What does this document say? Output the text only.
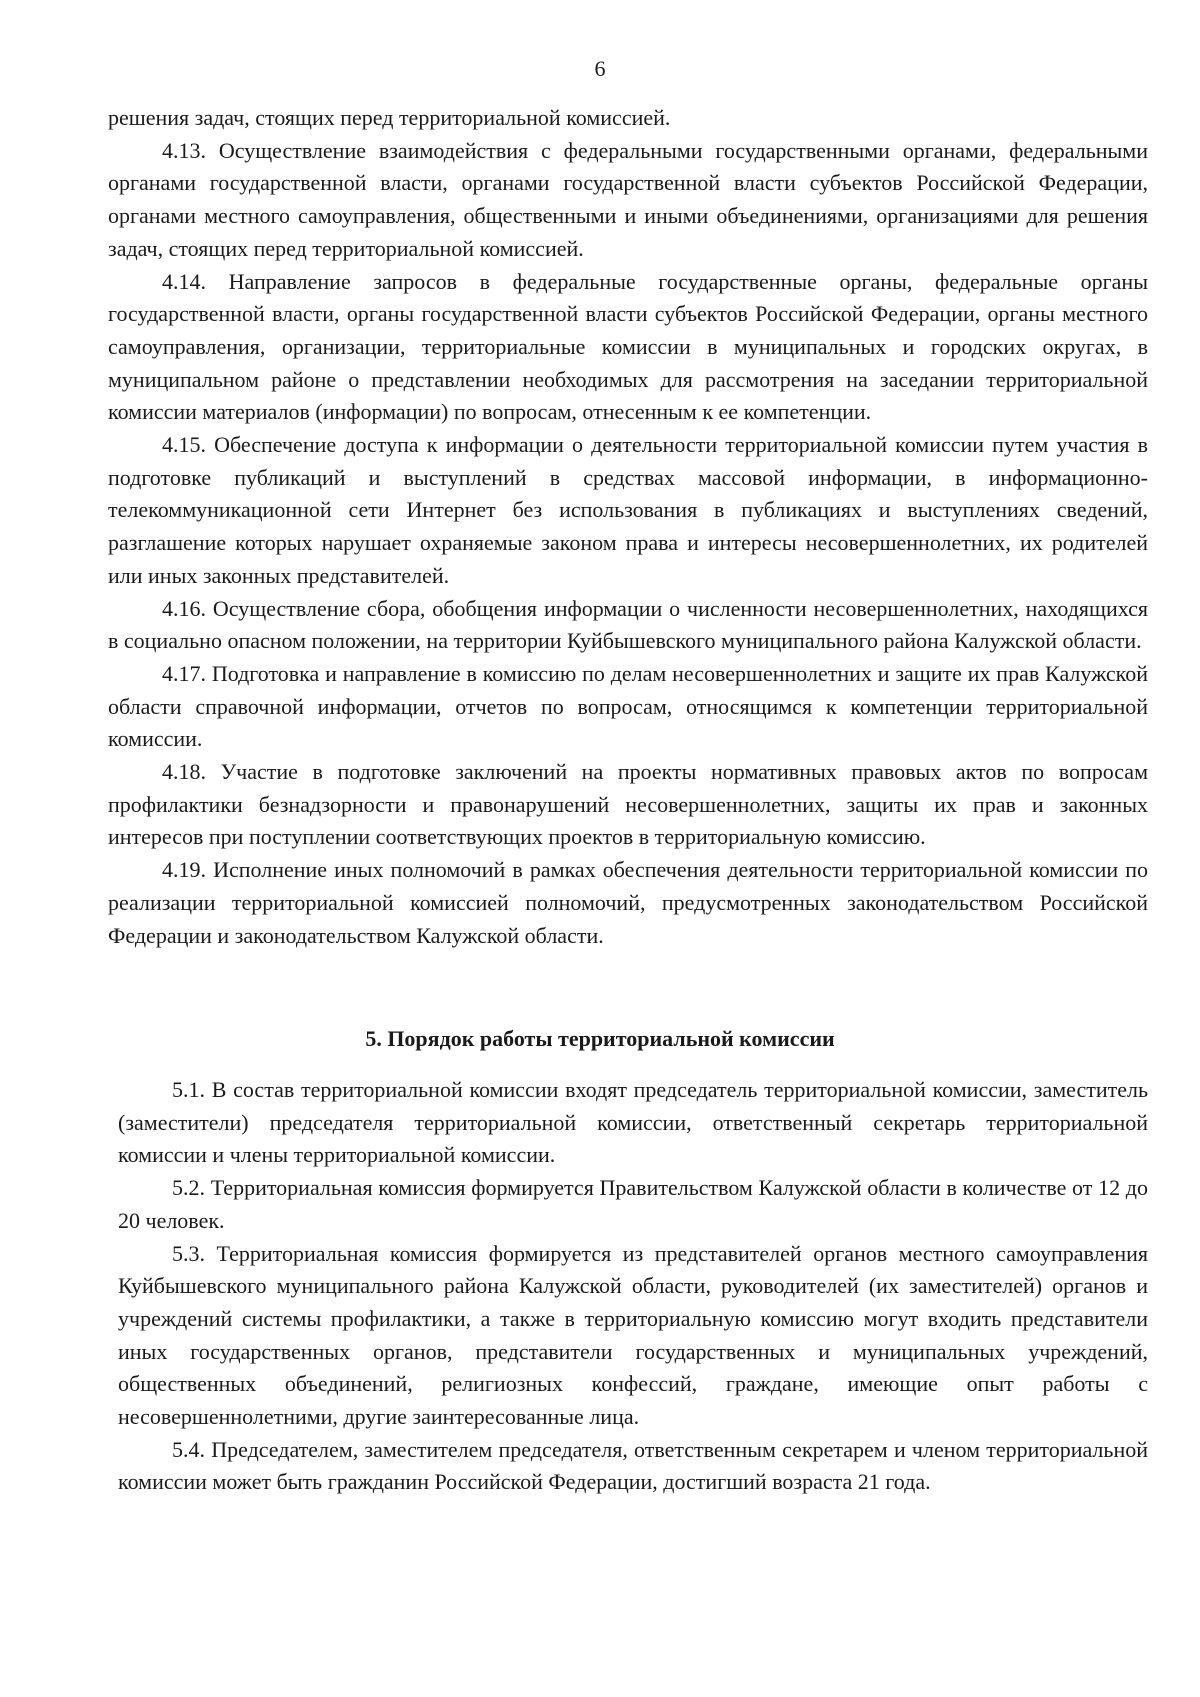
6

решения задач, стоящих перед территориальной комиссией.

4.13. Осуществление взаимодействия с федеральными государственными органами, федеральными органами государственной власти, органами государственной власти субъектов Российской Федерации, органами местного самоуправления, общественными и иными объединениями, организациями для решения задач, стоящих перед территориальной комиссией.

4.14. Направление запросов в федеральные государственные органы, федеральные органы государственной власти, органы государственной власти субъектов Российской Федерации, органы местного самоуправления, организации, территориальные комиссии в муниципальных и городских округах, в муниципальном районе о представлении необходимых для рассмотрения на заседании территориальной комиссии материалов (информации) по вопросам, отнесенным к ее компетенции.

4.15. Обеспечение доступа к информации о деятельности территориальной комиссии путем участия в подготовке публикаций и выступлений в средствах массовой информации, в информационно-телекоммуникационной сети Интернет без использования в публикациях и выступлениях сведений, разглашение которых нарушает охраняемые законом права и интересы несовершеннолетних, их родителей или иных законных представителей.

4.16. Осуществление сбора, обобщения информации о численности несовершеннолетних, находящихся в социально опасном положении, на территории Куйбышевского муниципального района Калужской области.

4.17. Подготовка и направление в комиссию по делам несовершеннолетних и защите их прав Калужской области справочной информации, отчетов по вопросам, относящимся к компетенции территориальной комиссии.

4.18. Участие в подготовке заключений на проекты нормативных правовых актов по вопросам профилактики безнадзорности и правонарушений несовершеннолетних, защиты их прав и законных интересов при поступлении соответствующих проектов в территориальную комиссию.

4.19. Исполнение иных полномочий в рамках обеспечения деятельности территориальной комиссии по реализации территориальной комиссией полномочий, предусмотренных законодательством Российской Федерации и законодательством Калужской области.

5. Порядок работы территориальной комиссии

5.1. В состав территориальной комиссии входят председатель территориальной комиссии, заместитель (заместители) председателя территориальной комиссии, ответственный секретарь территориальной комиссии и члены территориальной комиссии.

5.2. Территориальная комиссия формируется Правительством Калужской области в количестве от 12 до 20 человек.

5.3. Территориальная комиссия формируется из представителей органов местного самоуправления Куйбышевского муниципального района Калужской области, руководителей (их заместителей) органов и учреждений системы профилактики, а также в территориальную комиссию могут входить представители иных государственных органов, представители государственных и муниципальных учреждений, общественных объединений, религиозных конфессий, граждане, имеющие опыт работы с несовершеннолетними, другие заинтересованные лица.

5.4. Председателем, заместителем председателя, ответственным секретарем и членом территориальной комиссии может быть гражданин Российской Федерации, достигший возраста 21 года.
